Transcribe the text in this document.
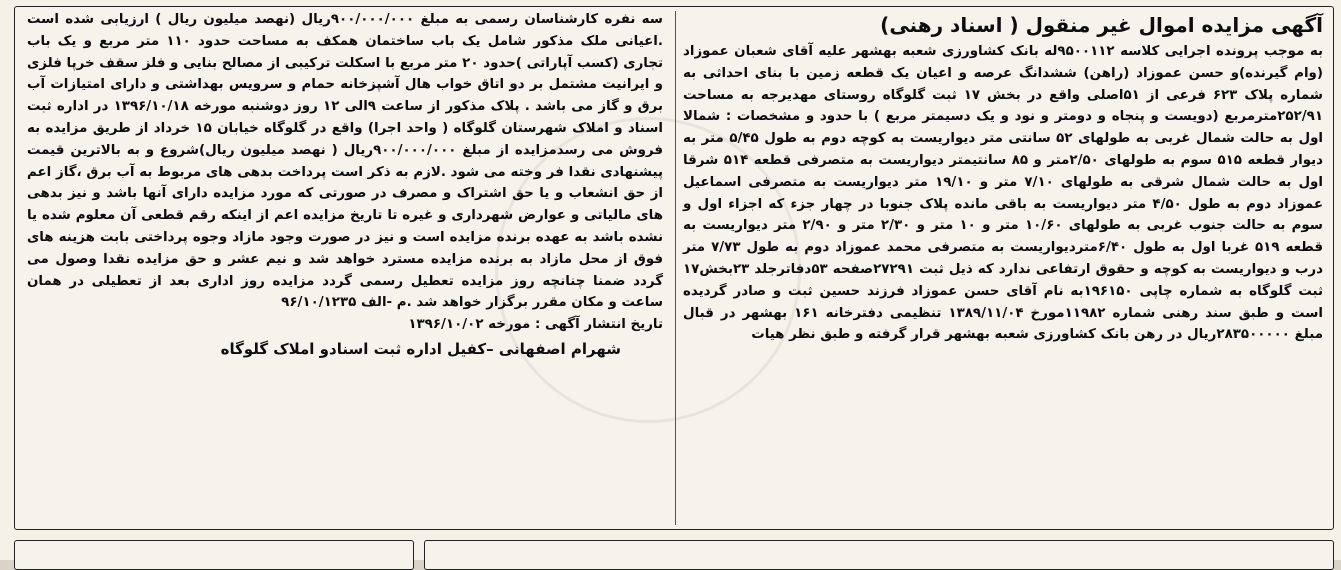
آگهی مزایده اموال غیر منقول ( اسناد رهنی)

به موجب پرونده اجرایی کلاسه ۹۵۰۰۱۱۲له بانک کشاورزی شعبه بهشهر علیه آقای شعبان عموزاد (وام گیرنده)و حسن عموزاد (راهن) ششدانگ عرصه و اعیان یک قطعه زمین با بنای احداثی به شماره پلاک ۶۲۳ فرعی از ۵۱اصلی واقع در بخش ۱۷ ثبت گلوگاه روستای مهدیرجه به مساحت ۲۵۲/۹۱مترمربع (دویست و پنجاه و دومتر و نود و یک دسیمتر مربع ) با حدود و مشخصات : شمالا اول به حالت شمال غربی به طولهای ۵۲ سانتی متر دیواریست به کوچه دوم به طول ۵/۴۵ متر به دیوار قطعه ۵۱۵ سوم به طولهای ۲/۵۰متر و ۸۵ سانتیمتر دیواریست به متصرفی قطعه ۵۱۴ شرقا اول به حالت شمال شرقی به طولهای ۷/۱۰ متر و ۱۹/۱۰ متر دیواریست به متصرفی اسماعیل عموزاد دوم به طول ۴/۵۰ متر دیواریست به باقی مانده پلاک جنوبا در چهار جزء که اجزاء اول و سوم به حالت جنوب غربی به طولهای ۱۰/۶۰ متر و ۱۰ متر و ۲/۳۰ متر و ۲/۹۰ متر دیواریست به قطعه ۵۱۹ غربا اول به طول ۶/۴۰متردیواریست به متصرفی محمد عموزاد دوم به طول ۷/۷۳ متر درب و دیواریست به کوچه و حقوق ارتفاعی ندارد که ذیل ثبت ۲۷۲۹۱صفحه ۵۳دفاترجلد ۲۳بخش۱۷ ثبت گلوگاه به شماره چاپی ۱۹۶۱۵۰به نام آقای حسن عموزاد فرزند حسین ثبت و صادر گردیده است و طبق سند رهنی شماره ۱۱۹۸۲مورخ ۱۳۸۹/۱۱/۰۴ تنظیمی دفترخانه ۱۶۱ بهشهر در قبال مبلغ ۲۸۳۵۰۰۰۰۰ریال در رهن بانک کشاورزی شعبه بهشهر قرار گرفته و طبق نظر هیات

سه نفره کارشناسان رسمی به مبلغ ۹۰۰/۰۰۰/۰۰۰ریال (نهصد میلیون ریال ) ارزیابی شده است .اعیانی ملک مذکور شامل یک باب ساختمان همکف به مساحت حدود ۱۱۰ متر مربع و یک باب تجاری (کسب آپاراتی )حدود ۲۰ متر مربع با اسکلت ترکیبی از مصالح بنایی و فلز سقف خرپا فلزی و ایرانیت مشتمل بر دو اتاق خواب هال آشپزخانه حمام و سرویس بهداشتی و دارای امتیازات آب برق و گاز می باشد . پلاک مذکور از ساعت ۹الی ۱۲ روز دوشنبه مورخه ۱۳۹۶/۱۰/۱۸ در اداره ثبت اسناد و املاک شهرستان گلوگاه ( واحد اجرا) واقع در گلوگاه خیابان ۱۵ خرداد از طریق مزایده به فروش می رسدمزایده از مبلغ ۹۰۰/۰۰۰/۰۰۰ریال ( نهصد میلیون ریال)شروع و به بالاترین قیمت پیشنهادی نقدا فر وخته می شود .لازم به ذکر است پرداخت بدهی های مربوط به آب برق ،گاز اعم از حق انشعاب و یا حق اشتراک و مصرف در صورتی که مورد مزایده دارای آنها باشد و نیز بدهی های مالیاتی و عوارض شهرداری و غیره تا تاریخ مزایده اعم از اینکه رقم قطعی آن معلوم شده یا نشده باشد به عهده برنده مزایده است و نیز در صورت وجود مازاد وجوه پرداختی بابت هزینه های فوق از محل مازاد به برنده مزایده مسترد خواهد شد و نیم عشر و حق مزایده نقدا وصول می گردد ضمنا چنانچه روز مزایده تعطیل رسمی گردد مزایده روز اداری بعد از تعطیلی در همان ساعت و مکان مقرر برگزار خواهد شد .م -الف ۹۶/۱۰/۱۲۳۵

تاریخ انتشار آگهی : مورخه ۱۳۹۶/۱۰/۰۲

شهرام اصفهانی –کفیل اداره ثبت اسنادو املاک گلوگاه
